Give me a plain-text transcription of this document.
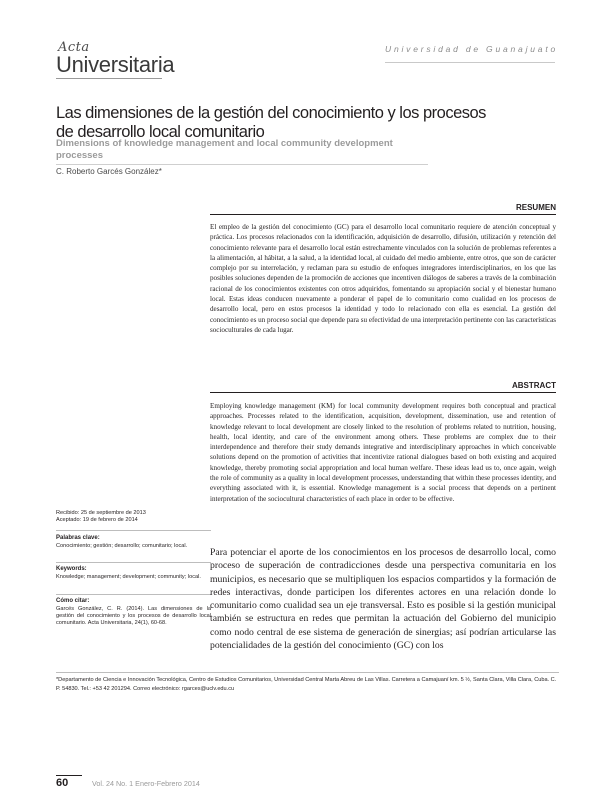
Acta
Universitaria
Universidad de Guanajuato
Las dimensiones de la gestión del conocimiento y los procesos de desarrollo local comunitario
Dimensions of knowledge management and local community development processes
C. Roberto Garcés González*
RESUMEN
El empleo de la gestión del conocimiento (GC) para el desarrollo local comunitario requiere de atención conceptual y práctica. Los procesos relacionados con la identificación, adquisición de desarrollo, difusión, utilización y retención del conocimiento relevante para el desarrollo local están estrechamente vinculados con la solución de problemas referentes a la alimentación, al hábitat, a la salud, a la identidad local, al cuidado del medio ambiente, entre otros, que son de carácter complejo por su interrelación, y reclaman para su estudio de enfoques integradores interdisciplinarios, en los que las posibles soluciones dependen de la promoción de acciones que incentiven diálogos de saberes a través de la combinación racional de los conocimientos existentes con otros adquiridos, fomentando su apropiación social y el bienestar humano local. Estas ideas conducen nuevamente a ponderar el papel de lo comunitario como cualidad en los procesos de desarrollo local, pero en estos procesos la identidad y todo lo relacionado con ella es esencial. La gestión del conocimiento es un proceso social que depende para su efectividad de una interpretación pertinente con las características socioculturales de cada lugar.
ABSTRACT
Employing knowledge management (KM) for local community development requires both conceptual and practical approaches. Processes related to the identification, acquisition, development, dissemination, use and retention of knowledge relevant to local development are closely linked to the resolution of problems related to nutrition, housing, health, local identity, and care of the environment among others. These problems are complex due to their interdependence and therefore their study demands integrative and interdisciplinary approaches in which conceivable solutions depend on the promotion of activities that incentivize rational dialogues based on both existing and acquired knowledge, thereby promoting social appropriation and local human welfare. These ideas lead us to, once again, weigh the role of community as a quality in local development processes, understanding that within these processes identity, and everything associated with it, is essential. Knowledge management is a social process that depends on a pertinent interpretation of the sociocultural characteristics of each place in order to be effective.
Recibido: 25 de septiembre de 2013
Aceptado: 19 de febrero de 2014
Palabras clave:
Conocimiento; gestión; desarrollo; comunitario; local.
Keywords:
Knowledge; management; development; community; local.
Cómo citar:
Garcés González, C. R. (2014). Las dimensiones de la gestión del conocimiento y los procesos de desarrollo local comunitario. Acta Universitaria, 24(1), 60-68.
Para potenciar el aporte de los conocimientos en los procesos de desarrollo local, como proceso de superación de contradicciones desde una perspectiva comunitaria en los municipios, es necesario que se multipliquen los espacios compartidos y la formación de redes interactivas, donde participen los diferentes actores en una relación donde lo comunitario como cualidad sea un eje transversal. Esto es posible si la gestión municipal también se estructura en redes que permitan la actuación del Gobierno del municipio como nodo central de ese sistema de generación de sinergias; así podrían articularse las potencialidades de la gestión del conocimiento (GC) con los
*Departamento de Ciencia e Innovación Tecnológica, Centro de Estudios Comunitarios, Universidad Central Marta Abreu de Las Villas. Carretera a Camajuaní km. 5 ½, Santa Clara, Villa Clara, Cuba. C. P. 54830. Tel.: +53 42 201294. Correo electrónico: rgarces@uclv.edu.cu
60	Vol. 24 No. 1 Enero-Febrero 2014
